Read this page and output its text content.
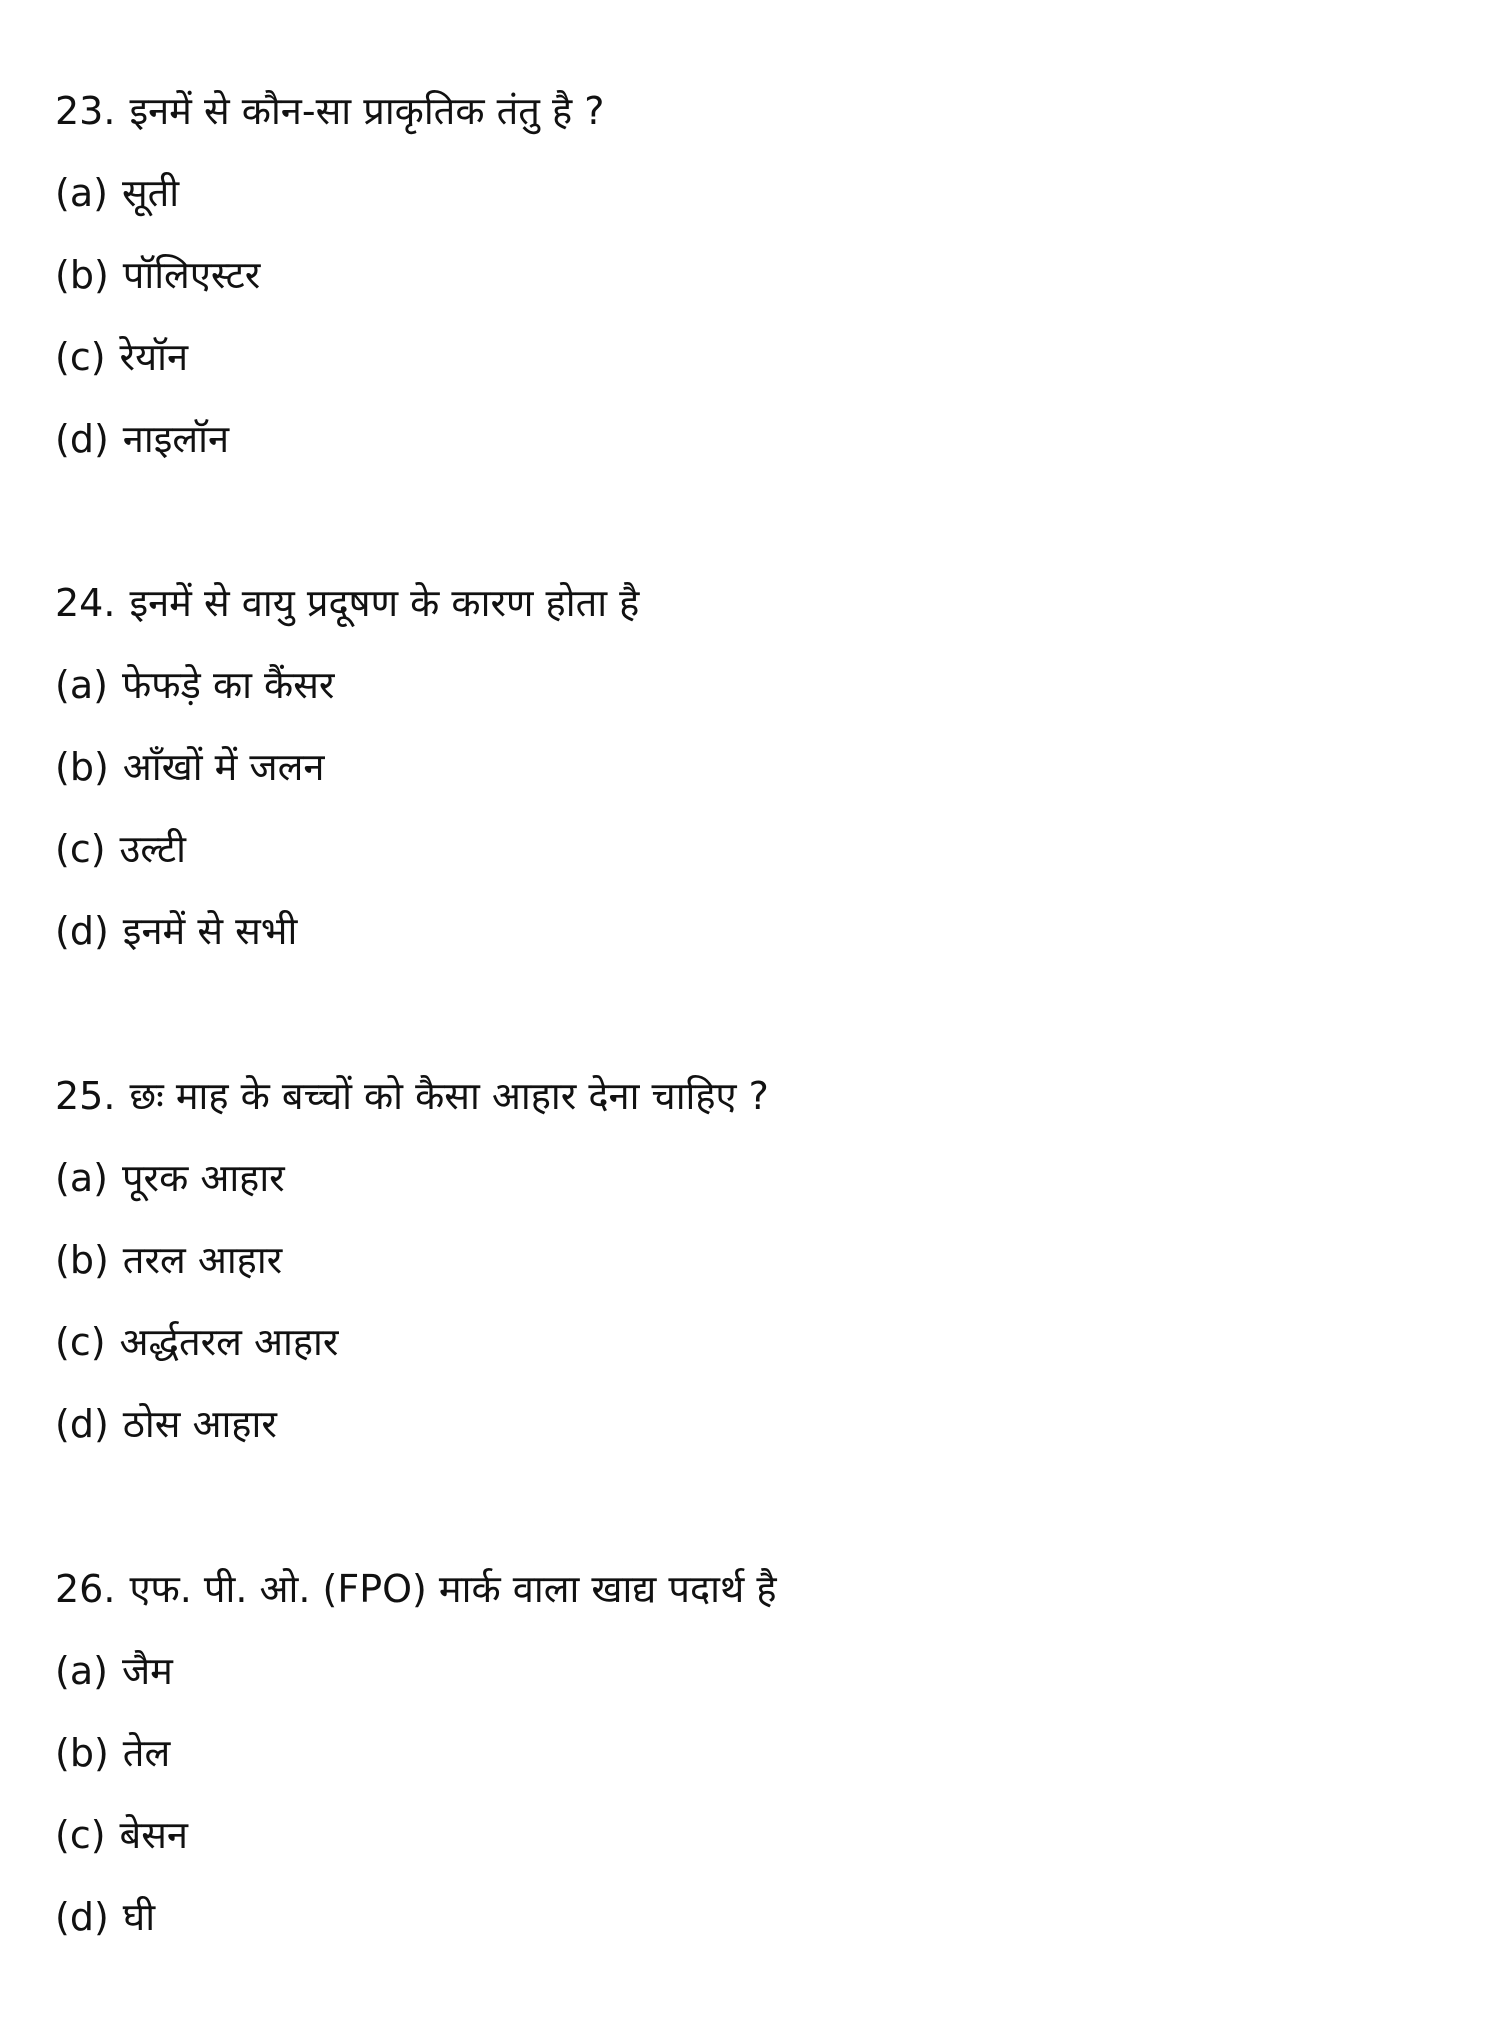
23. इनमें से कौन-सा प्राकृतिक तंतु है ?
(a) सूती
(b) पॉलिएस्टर
(c) रेयॉन
(d) नाइलॉन
24. इनमें से वायु प्रदूषण के कारण होता है
(a) फेफड़े का कैंसर
(b) आँखों में जलन
(c) उल्टी
(d) इनमें से सभी
25. छः माह के बच्चों को कैसा आहार देना चाहिए ?
(a) पूरक आहार
(b) तरल आहार
(c) अर्द्धतरल आहार
(d) ठोस आहार
26. एफ. पी. ओ. (FPO) मार्क वाला खाद्य पदार्थ है
(a) जैम
(b) तेल
(c) बेसन
(d) घी
